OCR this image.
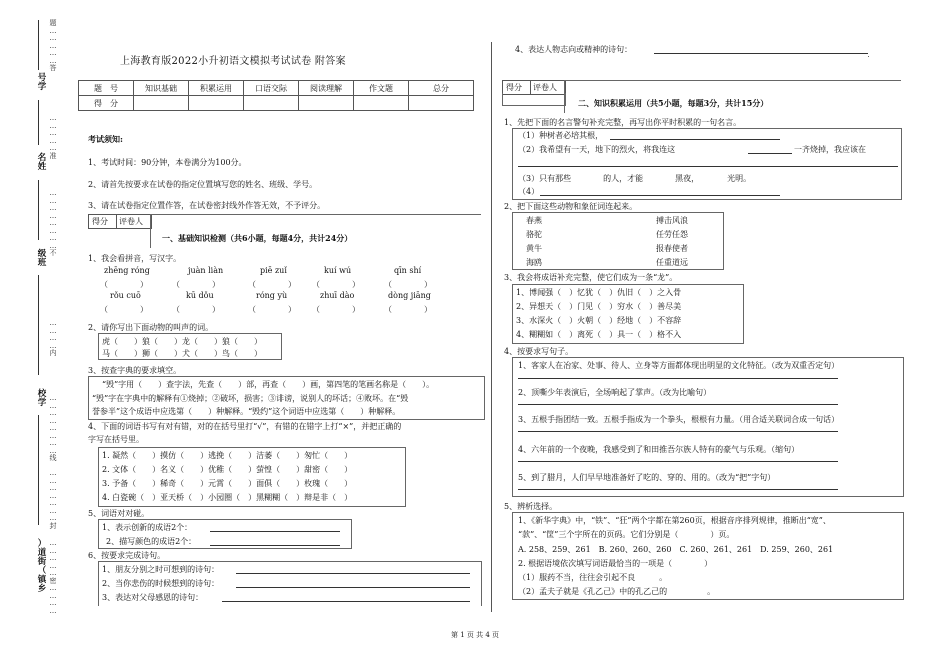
题
…
…
…
…
…
答
号
学
…
…
…
…
…
准
名
姓
…
…
…
…
…
…
…
…
不
级
班
…
…
…
…
内
校
学 …
…
…
…
…
…
…
…
线
…
…
…
…
…
…
…
封
）
道
街
（
镇
乡
…
…
…
…
…
密
…
…
…
…
上海教育版2022小升初语文模拟考试试卷 附答案
题　号	知识基础	积累运用	口语交际	阅读理解	作文题	总分
得　分						
考试须知:
1、考试时间：90分钟，本卷满分为100分。
2、请首先按要求在试卷的指定位置填写您的姓名、班级、学号。
3、请在试卷指定位置作答，在试卷密封线外作答无效，不予评分。
得分	评卷人
一、基础知识检测（共6小题，每题4分，共计24分）
1、我会看拼音，写汉字。
zhēng róng	juàn liàn	piē zuǐ	kuí wú	qīn shí
（　　　　）	（　　　　）	（　　　　） （　　　　）	（　　　　）
rǒu cuō	kū dǒu	róng yù	zhuī dào	dòng jiāng
（　　　　）	（　　　　）	（　　　　） （　　　　）	（　　　　）
2、请你写出下面动物的叫声的词。
虎（　　）狼（　　）龙（　　）狼（　　）
马（　　）狮（　　）犬（　　）鸟（　　）
3、按查字典的要求填空。
“毁”字用（　　）查字法，先查（　　）部，再查（　　）画，第四笔的笔画名称是（　　）。
“毁”字在字典中的解释有①烧掉；②破坏，损害；③诽谤，说别人的坏话；④败坏。在“毁
誉参半”这个成语中应选第（　　）种解释。“毁约”这个词语中应选第（　　）种解释。
4、下面的词语书写有对有错，对的在括号里打“√”，有错的在错字上打“×”，并把正确的
字写在括号里。
1. 凝然（　　）摸仿（　　）逃挽（　　）洁萎（　　）匆忙（　　）
2. 文体（　　）名义（　　）优稚（　　）萤惶（　　）甜密（　　）
3. 予备（　　）稀奇（　　）元霄（　　）面俱（　　）枚瑰（　　）
4. 白瓷碗（　）亚天桥（　）小园圈（　）黑糊糊（　）辩是非（　）
5、词语对对碰。
1、表示创新的成语2个：
2、描写颜色的成语2个：
6、按要求完成诗句。
1、朋友分别之时可想到的诗句：
2、当你悲伤的时候想到的诗句：
3、表达对父母感恩的诗句：
4、表达人物志向或精神的诗句：
得分	评卷人
二、知识积累运用（共5小题，每题3分，共计15分）
1、先把下面的名言警句补充完整，再写出你平时积累的一句名言。
（1）种树者必培其根，
（2）我希望有一天，地下的烈火，将我连这	一齐烧掉，我应该在
（3）只有那些　　　　的人，才能　　　　黑夜，　　　　光明。
（4）
2、把下面这些动物和象征词连起来。
春燕
骆驼
黄牛
海鸥
搏击风浪
任劳任怨
报春使者
任重道远
3、我会将成语补充完整，使它们成为一条“龙”。
1、博闻强（　）忆犹（　）仇旧（　）之入骨
2、异想天（　）门见（　）穷水（　）善尽美
3、水深火（　）火朝（　）经地（　）不容辞
4、糊糊如（　）离死（　）具一（　）格不入
4、按要求写句子。
1、客家人在冶家、处事、待人、立身等方面都体现出明显的文化特征。（改为双重否定句）
2、顶嘶少年表演后，全场响起了掌声。（改为比喻句）
3、五根手指团结一致。五根手指成为一个拳头，根根有力量。（用合适关联词合成一句话）
4、六年前的一个夜晚，我感受到了和田推吾尔族人特有的豪气与乐观。（缩句）
5、到了腊月，人们早早地准备好了吃的、穿的、用的。（改为“把”字句）
5、辨析选择。
1、《新华字典》中，“铁”、“狂”两个字都在第260页，根据音序排列规律，推断出“宽”、
“款”、“筐”三个字所在的页码。它们分别是（　　　　）页。
A. 258、259、261　B. 260、260、260　C. 260、261、261　D. 259、260、261
2. 根据语境依次填写词语最恰当的一项是（　　　　）
（1）服药不当，往往会引起不良　　　。
（2）孟夫子就是《孔乙己》中的孔乙己的　　　　　。
第 1 页 共 4 页
